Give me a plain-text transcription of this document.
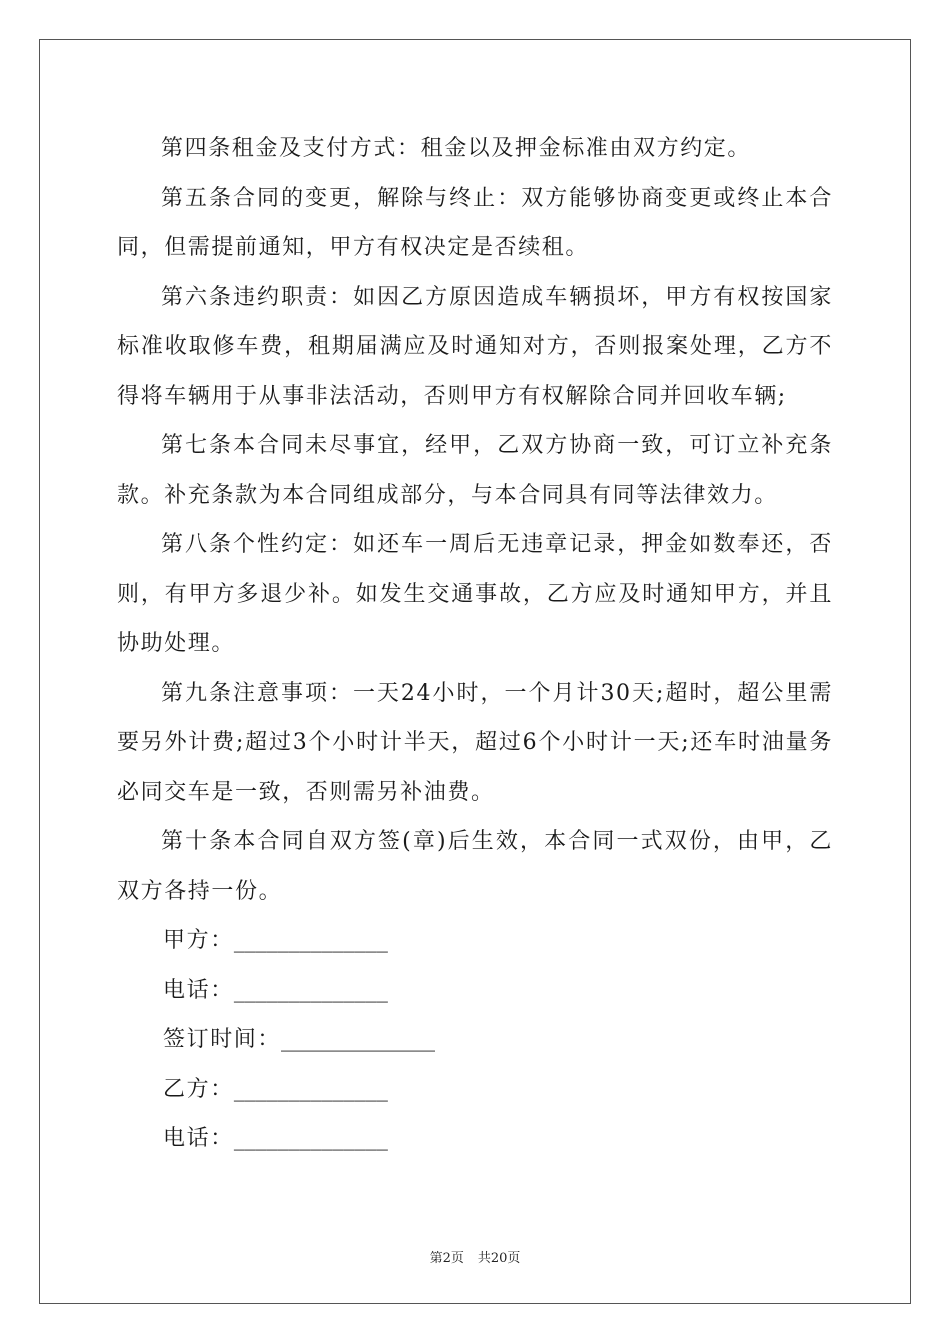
第四条租金及支付方式：租金以及押金标准由双方约定。

第五条合同的变更，解除与终止：双方能够协商变更或终止本合同，但需提前通知，甲方有权决定是否续租。

第六条违约职责：如因乙方原因造成车辆损坏，甲方有权按国家标准收取修车费，租期届满应及时通知对方，否则报案处理，乙方不得将车辆用于从事非法活动，否则甲方有权解除合同并回收车辆;

第七条本合同未尽事宜，经甲，乙双方协商一致，可订立补充条款。补充条款为本合同组成部分，与本合同具有同等法律效力。

第八条个性约定：如还车一周后无违章记录，押金如数奉还，否则，有甲方多退少补。如发生交通事故，乙方应及时通知甲方，并且协助处理。

第九条注意事项：一天24小时，一个月计30天;超时，超公里需要另外计费;超过3个小时计半天，超过6个小时计一天;还车时油量务必同交车是一致，否则需另补油费。

第十条本合同自双方签(章)后生效，本合同一式双份，由甲，乙双方各持一份。

甲方：______________
电话：______________
签订时间：______________
乙方：______________
电话：______________
第2页 共20页
